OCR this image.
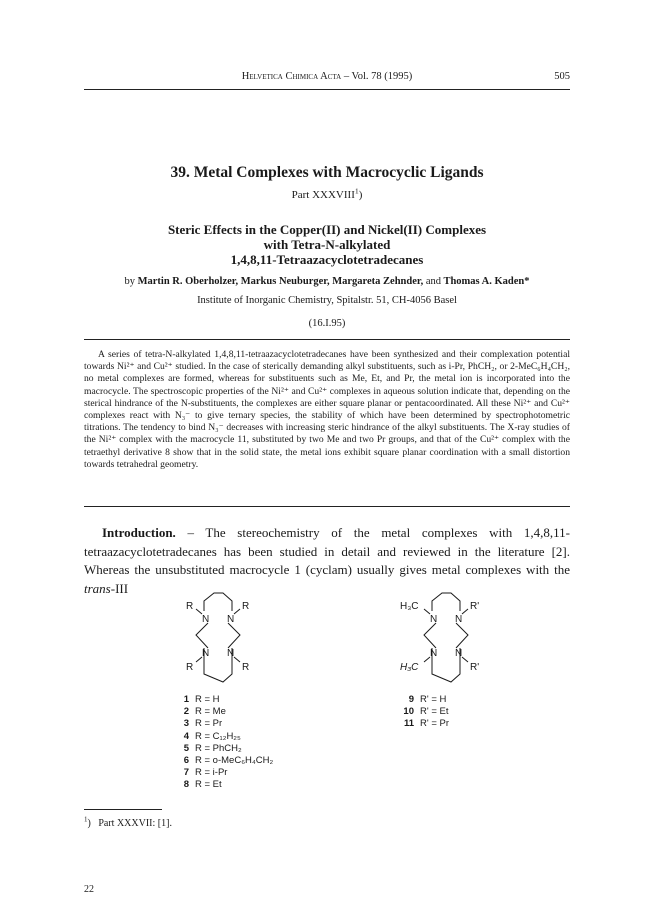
Helvetica Chimica Acta – Vol. 78 (1995)	505
39. Metal Complexes with Macrocyclic Ligands
Part XXXVIII$^1$)
Steric Effects in the Copper(II) and Nickel(II) Complexes
with Tetra-N-alkylated
1,4,8,11-Tetraazacyclotetradecanes
by Martin R. Oberholzer, Markus Neuburger, Margareta Zehnder, and Thomas A. Kaden*
Institute of Inorganic Chemistry, Spitalstr. 51, CH-4056 Basel
(16.I.95)

A series of tetra-N-alkylated 1,4,8,11-tetraazacyclotetradecanes have been synthesized and their complexation potential towards Ni²⁺ and Cu²⁺ studied. In the case of sterically demanding alkyl substituents, such as i-Pr, PhCH₂, or 2-MeC₆H₄CH₂, no metal complexes are formed, whereas for substituents such as Me, Et, and Pr, the metal ion is incorporated into the macrocycle. The spectroscopic properties of the Ni²⁺ and Cu²⁺ complexes in aqueous solution indicate that, depending on the sterical hindrance of the N-substituents, the complexes are either square planar or pentacoordinated. All these Ni²⁺ and Cu²⁺ complexes react with N₃⁻ to give ternary species, the stability of which have been determined by spectrophotometric titrations. The tendency to bind N₃⁻ decreases with increasing steric hindrance of the alkyl substituents. The X-ray studies of the Ni²⁺ complex with the macrocycle 11, substituted by two Me and two Pr groups, and that of the Cu²⁺ complex with the tetraethyl derivative 8 show that in the solid state, the metal ions exhibit square planar coordination with a small distortion towards tetrahedral geometry.

Introduction. – The stereochemistry of the metal complexes with 1,4,8,11-tetraazacyclotetradecanes has been studied in detail and reviewed in the literature [2]. Whereas the unsubstituted macrocycle 1 (cyclam) usually gives metal complexes with the trans-III

R
N N
R
R
N N
R
H₃C
N N
R'
H₃C
N N
R'
1 R = H
2 R = Me
3 R = Pr
4 R = C₁₂H₂₅
5 R = PhCH₂
6 R = o-MeC₆H₄CH₂
7 R = i-Pr
8 R = Et
9 R' = H
10 R' = Et
11 R' = Pr
$^1$)   Part XXXVII: [1].
22
